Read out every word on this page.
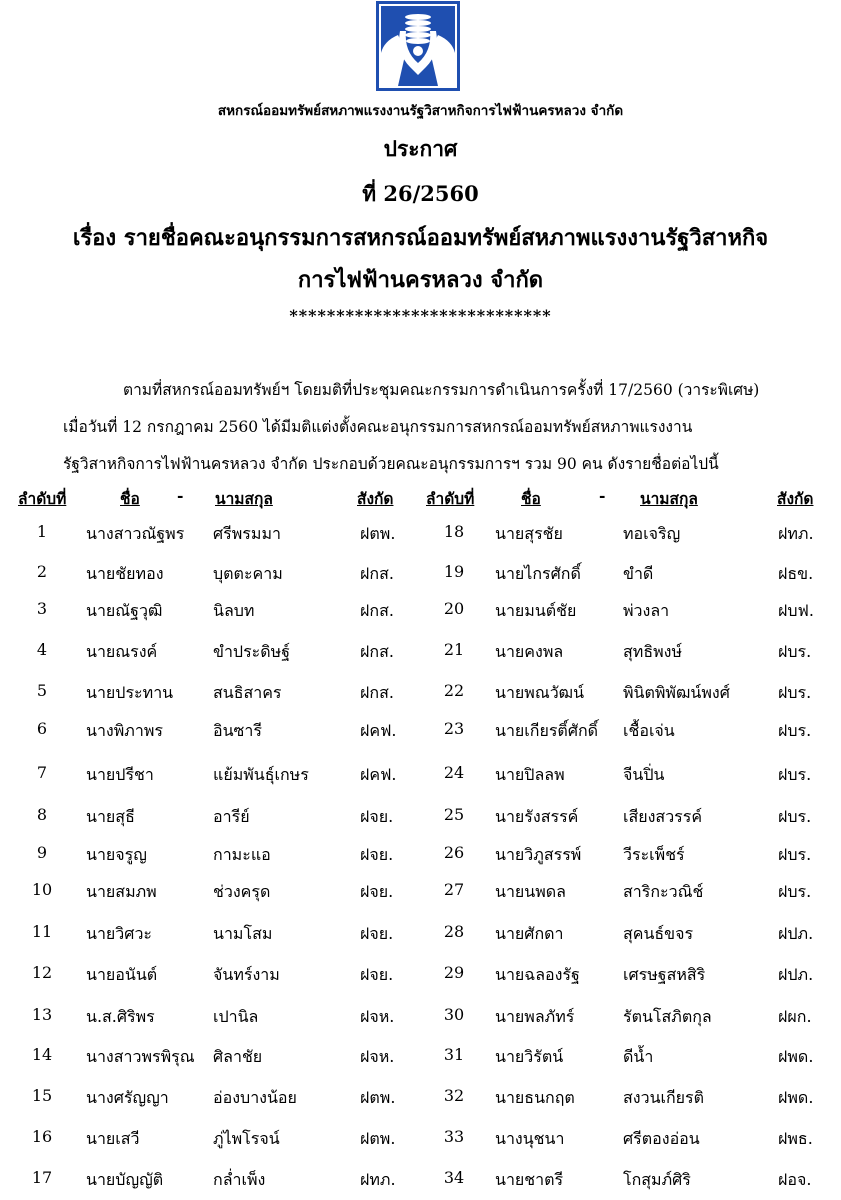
สหกรณ์ออมทรัพย์สหภาพแรงงานรัฐวิสาหกิจการไฟฟ้านครหลวง จำกัด
ประกาศ
ที่ 26/2560
เรื่อง รายชื่อคณะอนุกรรมการสหกรณ์ออมทรัพย์สหภาพแรงงานรัฐวิสาหกิจ
การไฟฟ้านครหลวง จำกัด
****************************
ตามที่สหกรณ์ออมทรัพย์ฯ โดยมติที่ประชุมคณะกรรมการดำเนินการครั้งที่ 17/2560 (วาระพิเศษ)
เมื่อวันที่ 12 กรกฎาคม 2560 ได้มีมติแต่งตั้งคณะอนุกรรมการสหกรณ์ออมทรัพย์สหภาพแรงงาน
รัฐวิสาหกิจการไฟฟ้านครหลวง จำกัด ประกอบด้วยคณะอนุกรรมการฯ รวม 90 คน ดังรายชื่อต่อไปนี้
ลำดับที่	ชื่อ - นามสกุล	สังกัด ลำดับที่	ชื่อ	- นามสกุล	สังกัด
1	นางสาวณัฐพร ศรีพรมมา	ฝตพ.
2	นายชัยทอง	บุตตะคาม	ฝกส.
3	นายณัฐวุฒิ	นิลบท	ฝกส.
4	นายณรงค์	ขำประดิษฐ์	ฝกส.
5	นายประทาน สนธิสาคร	ฝกส.
6	นางพิภาพร	อินซารี	ฝคฟ.
7	นายปรีชา	แย้มพันธุ์เกษร	ฝคฟ.
8	นายสุธี	อารีย์	ฝจย.
9	นายจรูญ	กามะแอ	ฝจย.
10	นายสมภพ	ช่วงครุด	ฝจย.
11	นายวิศวะ	นามโสม	ฝจย.
12	นายอนันต์	จันทร์งาม	ฝจย.
13	น.ส.ศิริพร	เปานิล	ฝจห.
14	นางสาวพรพิรุณ ศิลาชัย	ฝจห.
15	นางศรัญญา	อ่องบางน้อย	ฝตพ.
16	นายเสวี	ภู่ไพโรจน์	ฝตพ.
17	นายบัญญัติ	กล่ำเพ็ง	ฝทภ.
18	นายสุรชัย	ทอเจริญ	ฝทภ.
19	นายไกรศักดิ์	ขำดี	ฝธข.
20	นายมนต์ชัย	พ่วงลา	ฝบฟ.
21	นายคงพล	สุทธิพงษ์	ฝบร.
22	นายพณวัฒน์ พินิตพิพัฒน์พงศ์	ฝบร.
23	นายเกียรติ์ศักดิ์ เชื้อเจ่น	ฝบร.
24	นายปิลลพ	จีนปิ่น	ฝบร.
25	นายรังสรรค์	เสียงสวรรค์	ฝบร.
26	นายวิภูสรรพ์	วีระเพ็ชร์	ฝบร.
27	นายนพดล	สาริกะวณิช์	ฝบร.
28	นายศักดา	สุคนธ์ขจร	ฝปภ.
29	นายฉลองรัฐ	เศรษฐสหสิริ	ฝปภ.
30	นายพลภัทร์	รัตนโสภิตกุล	ฝผก.
31	นายวิรัตน์	ดีน้ำ	ฝพด.
32	นายธนกฤต	สงวนเกียรติ	ฝพด.
33	นางนุชนา	ศรีตองอ่อน	ฝพธ.
34	นายชาตรี	โกสุมภ์ศิริ	ฝอจ.
